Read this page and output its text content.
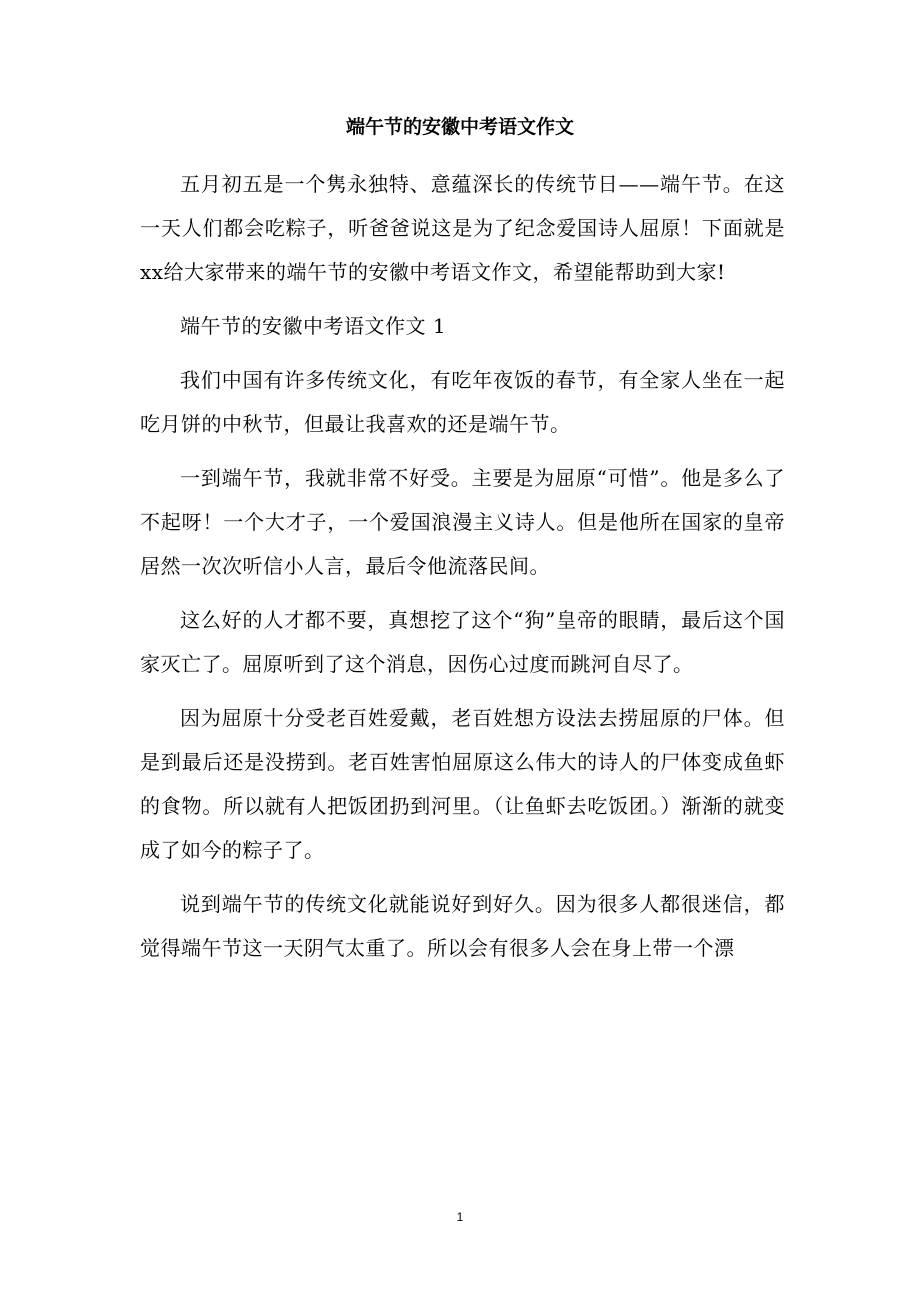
端午节的安徽中考语文作文

五月初五是一个隽永独特、意蕴深长的传统节日——端午节。在这一天人们都会吃粽子，听爸爸说这是为了纪念爱国诗人屈原！下面就是xx给大家带来的端午节的安徽中考语文作文，希望能帮助到大家!

端午节的安徽中考语文作文 1

我们中国有许多传统文化，有吃年夜饭的春节，有全家人坐在一起吃月饼的中秋节，但最让我喜欢的还是端午节。

一到端午节，我就非常不好受。主要是为屈原“可惜”。他是多么了不起呀！一个大才子，一个爱国浪漫主义诗人。但是他所在国家的皇帝居然一次次听信小人言，最后令他流落民间。

这么好的人才都不要，真想挖了这个“狗”皇帝的眼睛，最后这个国家灭亡了。屈原听到了这个消息，因伤心过度而跳河自尽了。

因为屈原十分受老百姓爱戴，老百姓想方设法去捞屈原的尸体。但是到最后还是没捞到。老百姓害怕屈原这么伟大的诗人的尸体变成鱼虾的食物。所以就有人把饭团扔到河里。（让鱼虾去吃饭团。）渐渐的就变成了如今的粽子了。

说到端午节的传统文化就能说好到好久。因为很多人都很迷信，都觉得端午节这一天阴气太重了。所以会有很多人会在身上带一个漂

1
